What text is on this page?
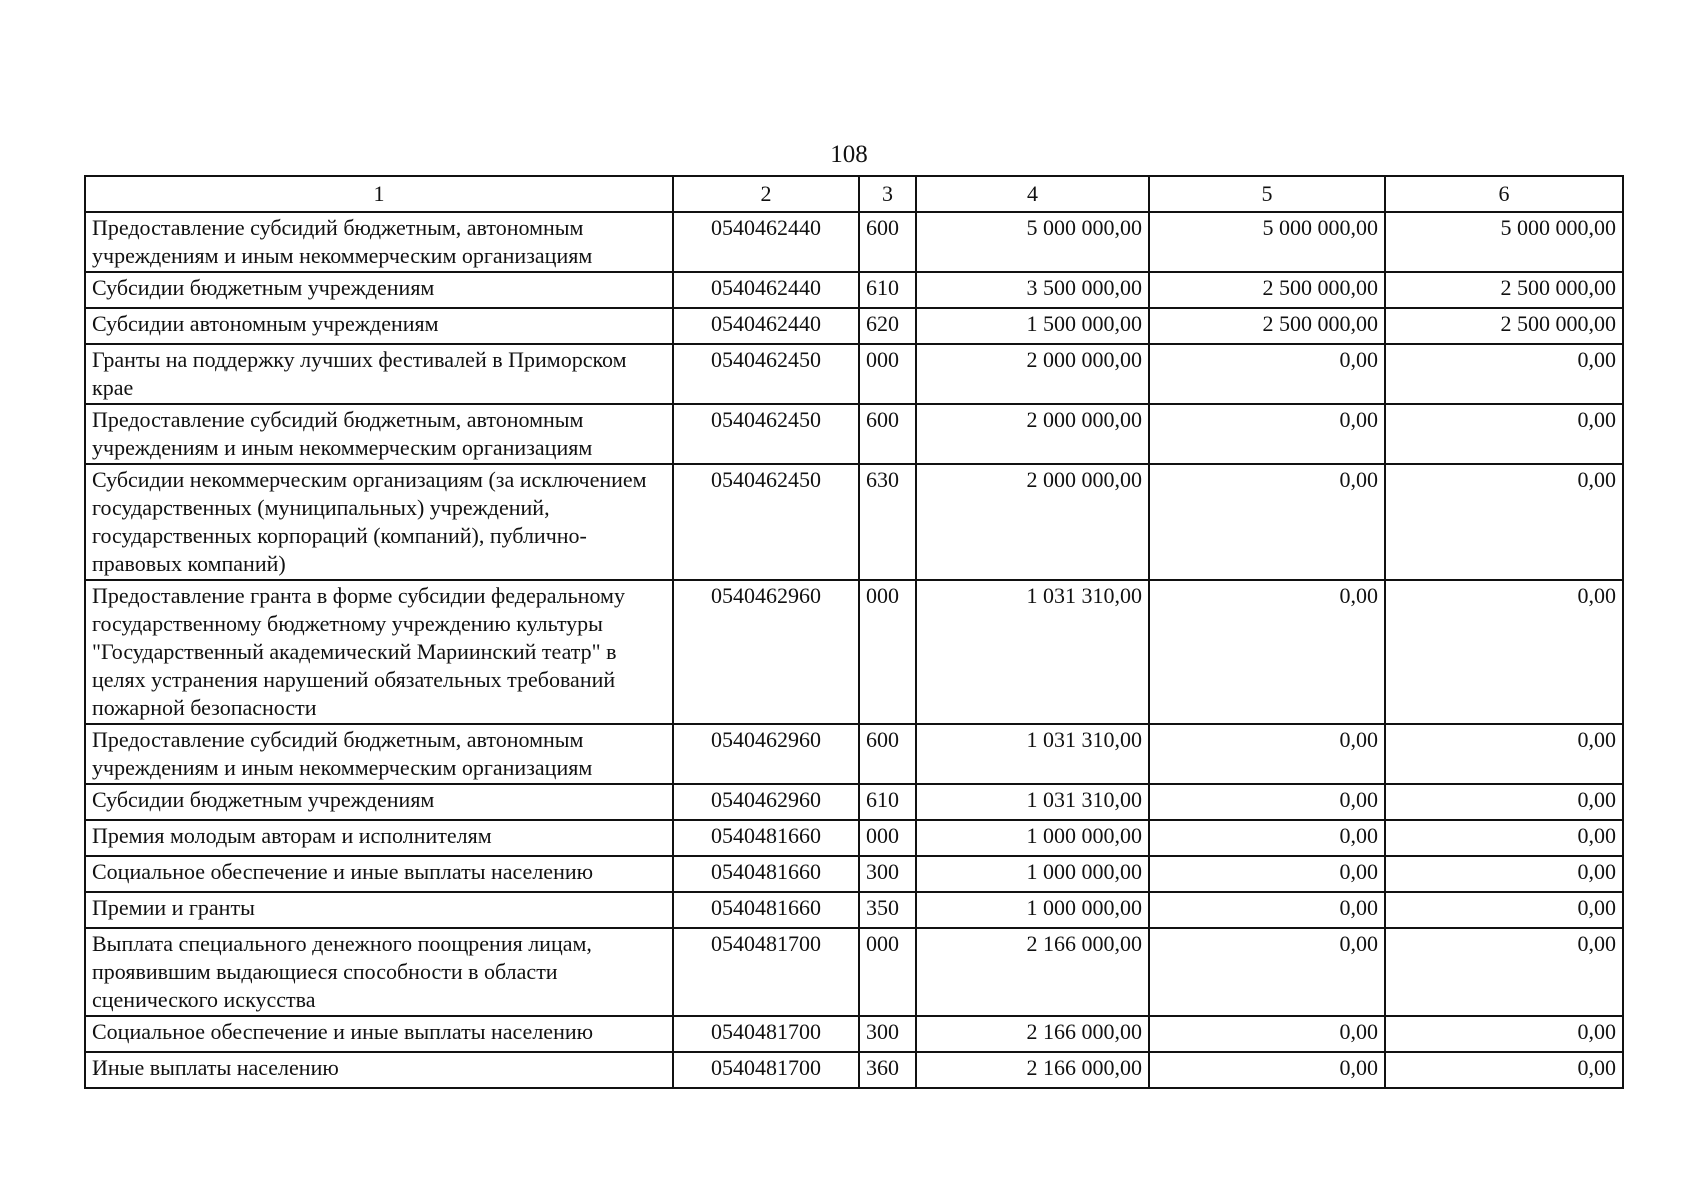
108
1	2	3	4	5	6
Предоставление субсидий бюджетным, автономным учреждениям и иным некоммерческим организациям	0540462440	600	5 000 000,00	5 000 000,00	5 000 000,00
Субсидии бюджетным учреждениям	0540462440	610	3 500 000,00	2 500 000,00	2 500 000,00
Субсидии автономным учреждениям	0540462440	620	1 500 000,00	2 500 000,00	2 500 000,00
Гранты на поддержку лучших фестивалей в Приморском крае	0540462450	000	2 000 000,00	0,00	0,00
Предоставление субсидий бюджетным, автономным учреждениям и иным некоммерческим организациям	0540462450	600	2 000 000,00	0,00	0,00
Субсидии некоммерческим организациям (за исключением государственных (муниципальных) учреждений, государственных корпораций (компаний), публично-правовых компаний)	0540462450	630	2 000 000,00	0,00	0,00
Предоставление гранта в форме субсидии федеральному государственному бюджетному учреждению культуры "Государственный академический Мариинский театр" в целях устранения нарушений обязательных требований пожарной безопасности	0540462960	000	1 031 310,00	0,00	0,00
Предоставление субсидий бюджетным, автономным учреждениям и иным некоммерческим организациям	0540462960	600	1 031 310,00	0,00	0,00
Субсидии бюджетным учреждениям	0540462960	610	1 031 310,00	0,00	0,00
Премия молодым авторам и исполнителям	0540481660	000	1 000 000,00	0,00	0,00
Социальное обеспечение и иные выплаты населению	0540481660	300	1 000 000,00	0,00	0,00
Премии и гранты	0540481660	350	1 000 000,00	0,00	0,00
Выплата специального денежного поощрения лицам, проявившим выдающиеся способности в области сценического искусства	0540481700	000	2 166 000,00	0,00	0,00
Социальное обеспечение и иные выплаты населению	0540481700	300	2 166 000,00	0,00	0,00
Иные выплаты населению	0540481700	360	2 166 000,00	0,00	0,00
